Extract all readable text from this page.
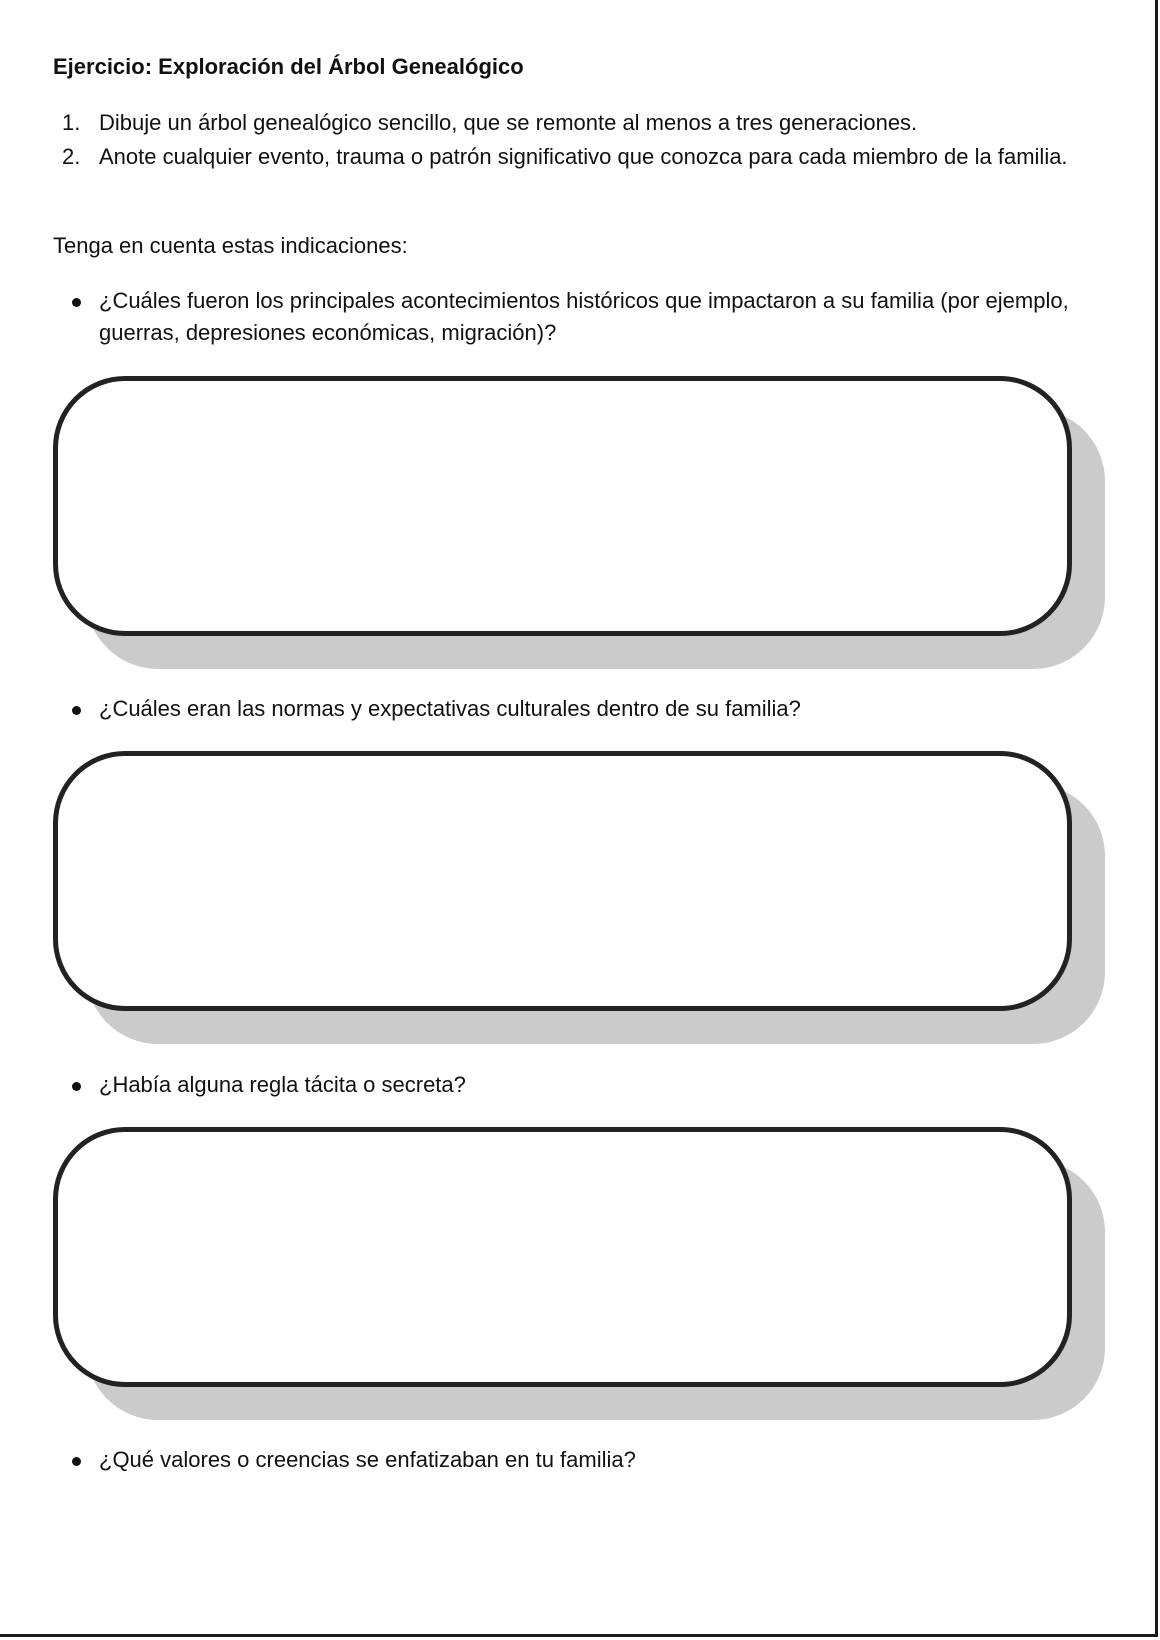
Ejercicio: Exploración del Árbol Genealógico
1. Dibuje un árbol genealógico sencillo, que se remonte al menos a tres generaciones.
2. Anote cualquier evento, trauma o patrón significativo que conozca para cada miembro de la familia.
Tenga en cuenta estas indicaciones:
¿Cuáles fueron los principales acontecimientos históricos que impactaron a su familia (por ejemplo, guerras, depresiones económicas, migración)?
¿Cuáles eran las normas y expectativas culturales dentro de su familia?
¿Había alguna regla tácita o secreta?
¿Qué valores o creencias se enfatizaban en tu familia?
